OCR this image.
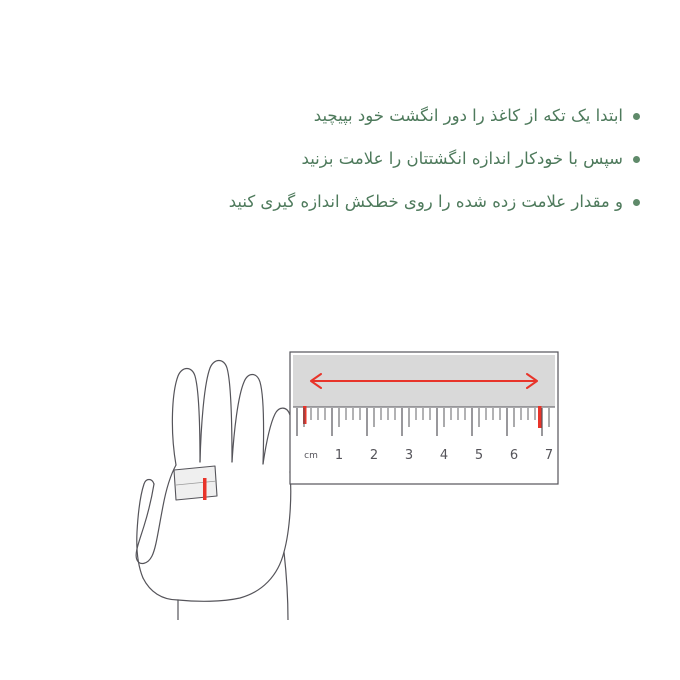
ابتدا یک تکه از کاغذ را دور انگشت خود بپیچید
سپس با خودکار اندازه انگشتتان را علامت بزنید
و مقدار علامت زده شده را روی خطکش اندازه گیری کنید
cm 1 2 3 4 5 6 7
